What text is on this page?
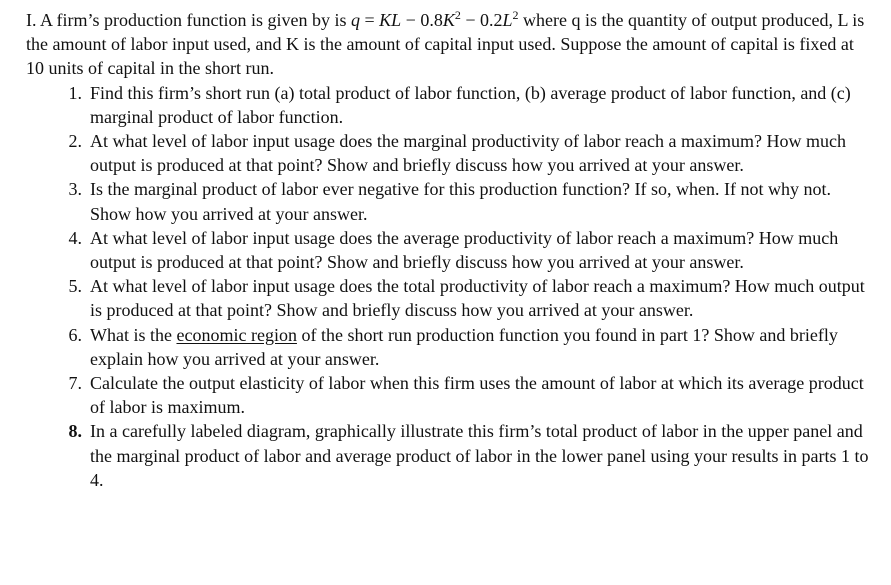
I. A firm’s production function is given by is q = KL − $0.8K^2 - 0.2L^2$ where q is the quantity of output produced, L is the amount of labor input used, and K is the amount of capital input used. Suppose the amount of capital is fixed at 10 units of capital in the short run.

1. Find this firm’s short run (a) total product of labor function, (b) average product of labor function, and (c) marginal product of labor function.
2. At what level of labor input usage does the marginal productivity of labor reach a maximum? How much output is produced at that point? Show and briefly discuss how you arrived at your answer.
3. Is the marginal product of labor ever negative for this production function? If so, when. If not why not. Show how you arrived at your answer.
4. At what level of labor input usage does the average productivity of labor reach a maximum? How much output is produced at that point? Show and briefly discuss how you arrived at your answer.
5. At what level of labor input usage does the total productivity of labor reach a maximum? How much output is produced at that point? Show and briefly discuss how you arrived at your answer.
6. What is the economic region of the short run production function you found in part 1? Show and briefly explain how you arrived at your answer.
7. Calculate the output elasticity of labor when this firm uses the amount of labor at which its average product of labor is maximum.
8. In a carefully labeled diagram, graphically illustrate this firm’s total product of labor in the upper panel and the marginal product of labor and average product of labor in the lower panel using your results in parts 1 to 4.
